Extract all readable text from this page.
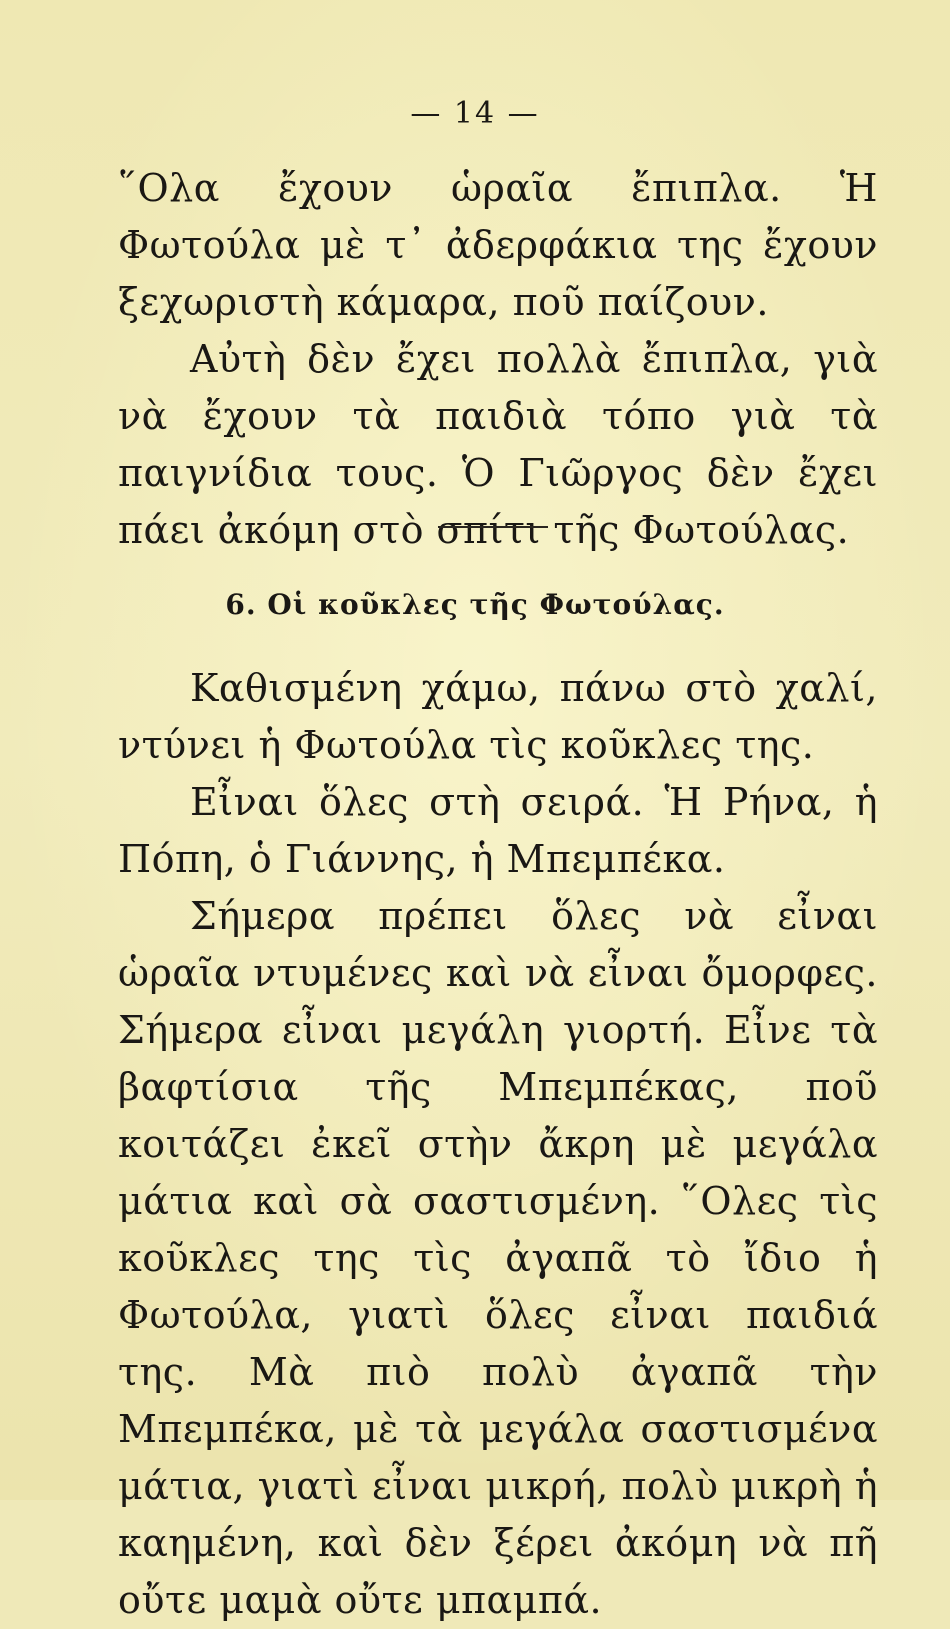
— 14 —

῞Ολα ἔχουν ὡραῖα ἔπιπλα. Ἡ Φωτούλα μὲ τ᾿ ἀδερφάκια της ἔχουν ξεχωριστὴ κάμαρα, ποῦ παίζουν.

Αὐτὴ δὲν ἔχει πολλὰ ἔπιπλα, γιὰ νὰ ἔχουν τὰ παιδιὰ τόπο γιὰ τὰ παιγνίδια τους. Ὁ Γιῶργος δὲν ἔχει πάει ἀκόμη στὸ σπίτι τῆς Φωτούλας.

6. Οἱ κοῦκλες τῆς Φωτούλας.

Καθισμένη χάμω, πάνω στὸ χαλί, ντύνει ἡ Φωτούλα τὶς κοῦκλες της.

Εἶναι ὅλες στὴ σειρά. Ἡ Ρήνα, ἡ Πόπη, ὁ Γιάννης, ἡ Μπεμπέκα.

Σήμερα πρέπει ὅλες νὰ εἶναι ὡραῖα ντυμένες καὶ νὰ εἶναι ὄμορφες. Σήμερα εἶναι μεγάλη γιορτή. Εἶνε τὰ βαφτίσια τῆς Μπεμπέκας, ποῦ κοιτάζει ἐκεῖ στὴν ἄκρη μὲ μεγάλα μάτια καὶ σὰ σαστισμένη. ῞Ολες τὶς κοῦκλες της τὶς ἀγαπᾶ τὸ ἴδιο ἡ Φωτούλα, γιατὶ ὅλες εἶναι παιδιά της. Μὰ πιὸ πολὺ ἀγαπᾶ τὴν Μπεμπέκα, μὲ τὰ μεγάλα σαστισμένα μάτια, γιατὶ εἶναι μικρή, πολὺ μικρὴ ἡ καημένη, καὶ δὲν ξέρει ἀκόμη νὰ πῆ οὔτε μαμὰ οὔτε μπαμπά.
